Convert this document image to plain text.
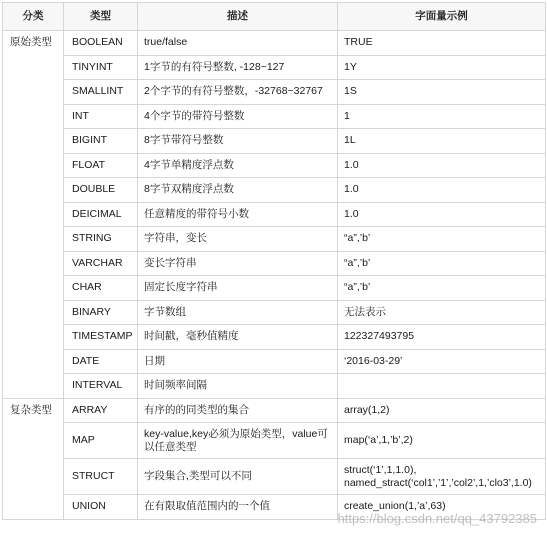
分类	类型	描述	字面量示例
原始类型	BOOLEAN	true/false	TRUE
	TINYINT	1字节的有符号整数, -128~127	1Y
	SMALLINT	2个字节的有符号整数，-32768~32767	1S
	INT	4个字节的带符号整数	1
	BIGINT	8字节带符号整数	1L
	FLOAT	4字节单精度浮点数	1.0
	DOUBLE	8字节双精度浮点数	1.0
	DEICIMAL	任意精度的带符号小数	1.0
	STRING	字符串，变长	“a”,’b’
	VARCHAR	变长字符串	“a”,’b’
	CHAR	固定长度字符串	“a”,’b’
	BINARY	字节数组	无法表示
	TIMESTAMP	时间戳，毫秒值精度	122327493795
	DATE	日期	‘2016-03-29’
	INTERVAL	时间频率间隔	
复杂类型	ARRAY	有序的的同类型的集合	array(1,2)
	MAP	key-value,key必须为原始类型，value可以任意类型	map(‘a’,1,’b’,2)
	STRUCT	字段集合,类型可以不同	struct(‘1’,1,1.0), named_stract(‘col1’,’1’,’col2’,1,’clo3’,1.0)
	UNION	在有限取值范围内的一个值	create_union(1,’a’,63)
https://blog.csdn.net/qq_43792385
